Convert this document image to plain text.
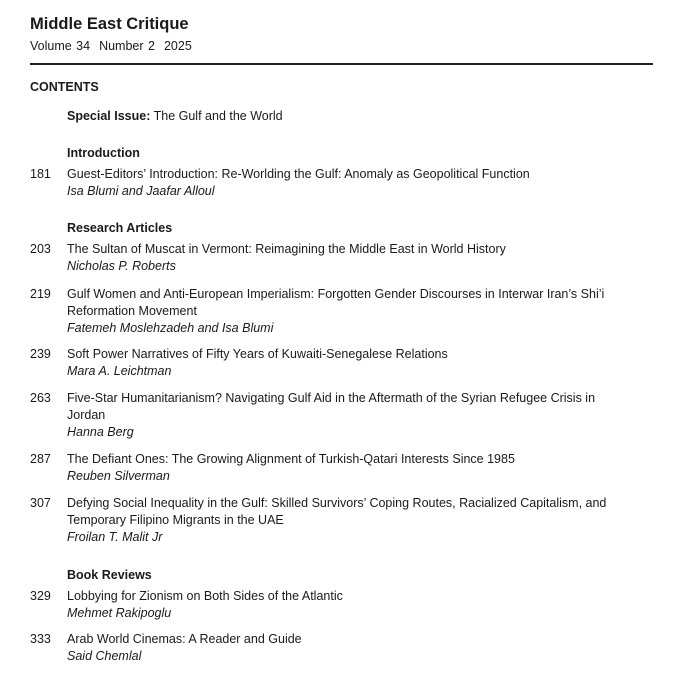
Middle East Critique
Volume 34 Number 2 2025
CONTENTS
Special Issue: The Gulf and the World
Introduction
181 Guest-Editors’ Introduction: Re-Worlding the Gulf: Anomaly as Geopolitical Function
Isa Blumi and Jaafar Alloul
Research Articles
203 The Sultan of Muscat in Vermont: Reimagining the Middle East in World History
Nicholas P. Roberts
219 Gulf Women and Anti-European Imperialism: Forgotten Gender Discourses in Interwar Iran’s Shi’i Reformation Movement
Fatemeh Moslehzadeh and Isa Blumi
239 Soft Power Narratives of Fifty Years of Kuwaiti-Senegalese Relations
Mara A. Leichtman
263 Five-Star Humanitarianism? Navigating Gulf Aid in the Aftermath of the Syrian Refugee Crisis in Jordan
Hanna Berg
287 The Defiant Ones: The Growing Alignment of Turkish-Qatari Interests Since 1985
Reuben Silverman
307 Defying Social Inequality in the Gulf: Skilled Survivors’ Coping Routes, Racialized Capitalism, and Temporary Filipino Migrants in the UAE
Froilan T. Malit Jr
Book Reviews
329 Lobbying for Zionism on Both Sides of the Atlantic
Mehmet Rakipoglu
333 Arab World Cinemas: A Reader and Guide
Said Chemlal
